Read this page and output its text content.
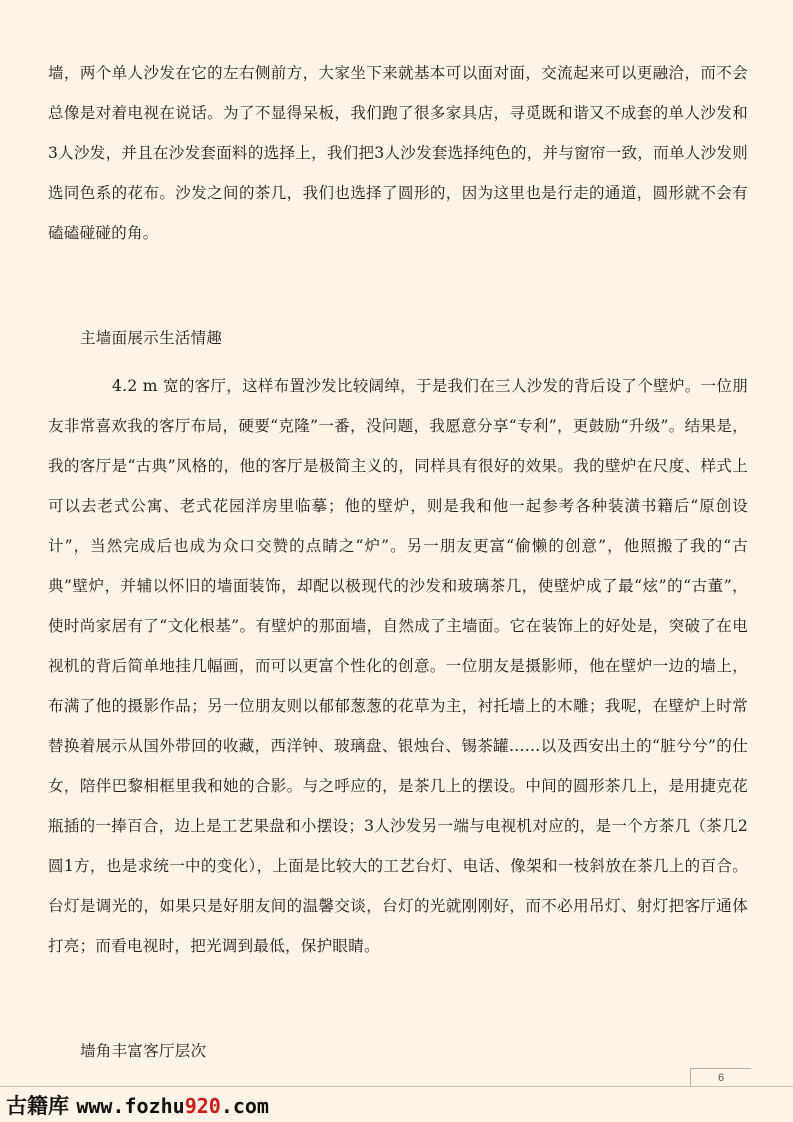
墙，两个单人沙发在它的左右侧前方，大家坐下来就基本可以面对面，交流起来可以更融洽，而不会总像是对着电视在说话。为了不显得呆板，我们跑了很多家具店，寻觅既和谐又不成套的单人沙发和3人沙发，并且在沙发套面料的选择上，我们把3人沙发套选择纯色的，并与窗帘一致，而单人沙发则选同色系的花布。沙发之间的茶几，我们也选择了圆形的，因为这里也是行走的通道，圆形就不会有磕磕碰碰的角。

主墙面展示生活情趣

4.2 m 宽的客厅，这样布置沙发比较阔绰，于是我们在三人沙发的背后设了个壁炉。一位朋友非常喜欢我的客厅布局，硬要“克隆”一番，没问题，我愿意分享“专利”，更鼓励“升级”。结果是，我的客厅是“古典”风格的，他的客厅是极简主义的，同样具有很好的效果。我的壁炉在尺度、样式上可以去老式公寓、老式花园洋房里临摹；他的壁炉，则是我和他一起参考各种装潢书籍后“原创设计”，当然完成后也成为众口交赞的点睛之“炉”。另一朋友更富“偷懒的创意”，他照搬了我的“古典”壁炉，并辅以怀旧的墙面装饰，却配以极现代的沙发和玻璃茶几，使壁炉成了最“炫”的“古董”，使时尚家居有了“文化根基”。有壁炉的那面墙，自然成了主墙面。它在装饰上的好处是，突破了在电视机的背后简单地挂几幅画，而可以更富个性化的创意。一位朋友是摄影师，他在壁炉一边的墙上，布满了他的摄影作品；另一位朋友则以郁郁葱葱的花草为主，衬托墙上的木雕；我呢，在壁炉上时常替换着展示从国外带回的收藏，西洋钟、玻璃盘、银烛台、锡茶罐……以及西安出土的“脏兮兮”的仕女，陪伴巴黎相框里我和她的合影。与之呼应的，是茶几上的摆设。中间的圆形茶几上，是用捷克花瓶插的一捧百合，边上是工艺果盘和小摆设；3人沙发另一端与电视机对应的，是一个方茶几（茶几2圆1方，也是求统一中的变化），上面是比较大的工艺台灯、电话、像架和一枝斜放在茶几上的百合。台灯是调光的，如果只是好朋友间的温馨交谈，台灯的光就刚刚好，而不必用吊灯、射灯把客厅通体打亮；而看电视时，把光调到最低，保护眼睛。

墙角丰富客厅层次

6
古籍库 www.fozhu920.com
